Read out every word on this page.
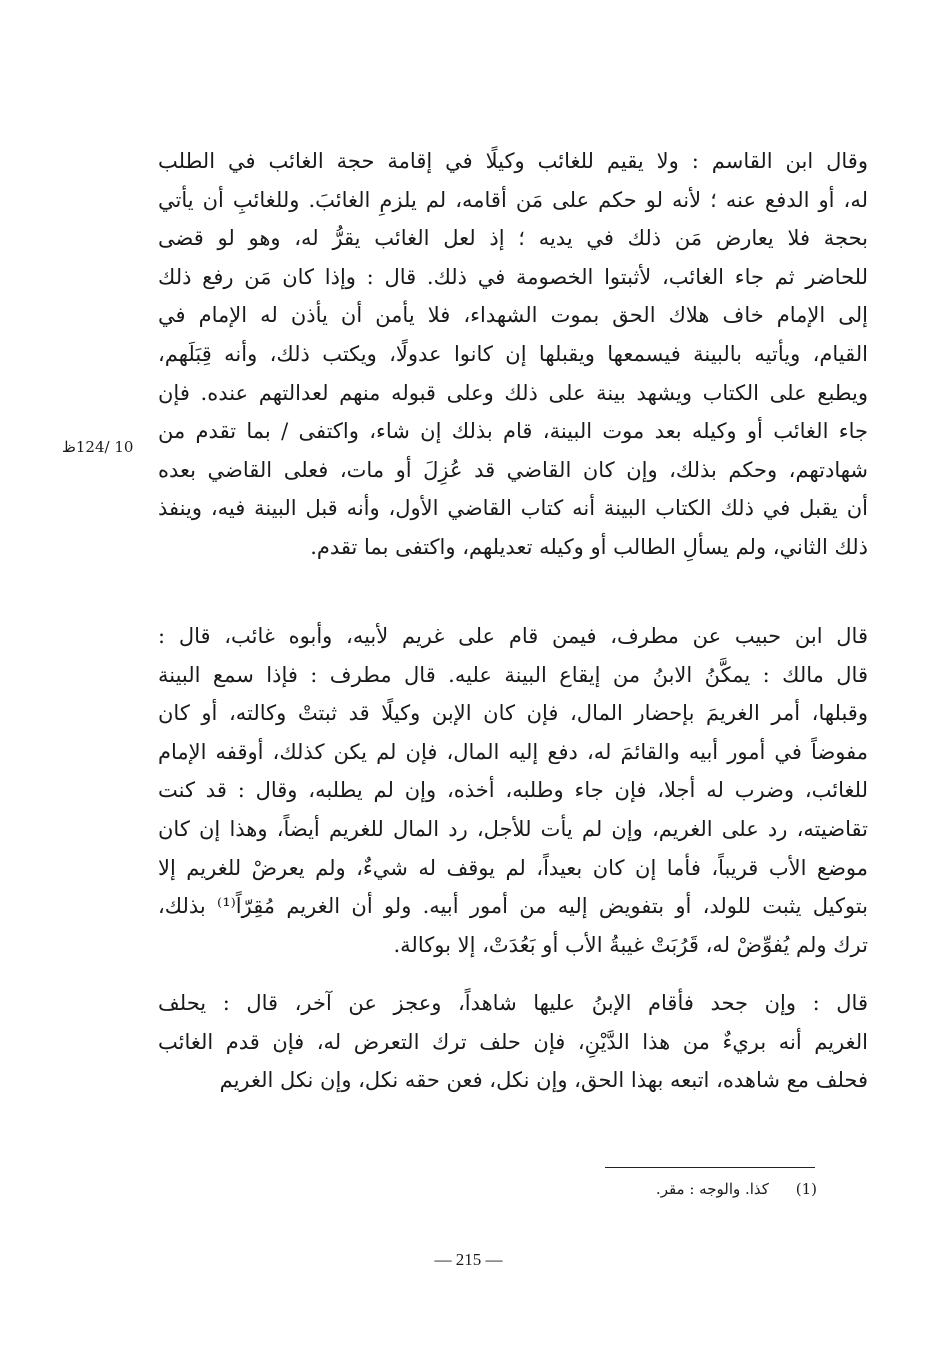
وقال ابن القاسم : ولا يقيم للغائب وكيلًا في إقامة حجة الغائب في الطلب
له، أو الدفع عنه ؛ لأنه لو حكم على مَن أقامه، لم يلزمِ الغائبَ. وللغائبِ أن يأتي
بحجة فلا يعارض مَن ذلك في يديه ؛ إذ لعل الغائب يقرُّ له، وهو لو قضى
للحاضر ثم جاء الغائب، لأثبتوا الخصومة في ذلك. قال : وإذا كان مَن رفع ذلك
إلى الإمام خاف هلاك الحق بموت الشهداء، فلا يأمن أن يأذن له الإمام في
القيام، ويأتيه بالبينة فيسمعها ويقبلها إن كانوا عدولًا، ويكتب ذلك، وأنه قِبَلَهم،
ويطبع على الكتاب ويشهد بينة على ذلك وعلى قبوله منهم لعدالتهم عنده. فإن
جاء الغائب أو وكيله بعد موت البينة، قام بذلك إن شاء، واكتفى / بما تقدم من
شهادتهم، وحكم بذلك، وإن كان القاضي قد عُزِلَ أو مات، فعلى القاضي بعده
أن يقبل في ذلك الكتاب البينة أنه كتاب القاضي الأول، وأنه قبل البينة فيه، وينفذ
ذلك الثاني، ولم يسألِ الطالب أو وكيله تعديلهم، واكتفى بما تقدم.
قال ابن حبيب عن مطرف، فيمن قام على غريم لأبيه، وأبوه غائب، قال :
قال مالك : يمكَّنُ الابنُ من إيقاع البينة عليه. قال مطرف : فإذا سمع البينة
وقبلها، أمر الغريمَ بإحضار المال، فإن كان الإبن وكيلًا قد ثبتتْ وكالته، أو كان
مفوضاً في أمور أبيه والقائمَ له، دفع إليه المال، فإن لم يكن كذلك، أوقفه الإمام
للغائب، وضرب له أجلا، فإن جاء وطلبه، أخذه، وإن لم يطلبه، وقال : قد كنت
تقاضيته، رد على الغريم، وإن لم يأت للأجل، رد المال للغريم أيضاً، وهذا إن كان
موضع الأب قريباً، فأما إن كان بعيداً، لم يوقف له شيءٌ، ولم يعرضْ للغريم إلا
بتوكيل يثبت للولد، أو بتفويض إليه من أمور أبيه. ولو أن الغريم مُقِرّاً⁽¹⁾ بذلك،
ترك ولم يُفوِّضْ له، قَرُبَتْ غيبةُ الأب أو بَعُدَتْ، إلا بوكالة.
قال : وإن جحد فأقام الإبنُ عليها شاهداً، وعجز عن آخر، قال : يحلف
الغريم أنه بريءٌ من هذا الدَّيْنِ، فإن حلف ترك التعرض له، فإن قدم الغائب
فحلف مع شاهده، اتبعه بهذا الحق، وإن نكل، فعن حقه نكل، وإن نكل الغريم
10 /124ظ
(1) كذا. والوجه : مقر.
— 215 —
